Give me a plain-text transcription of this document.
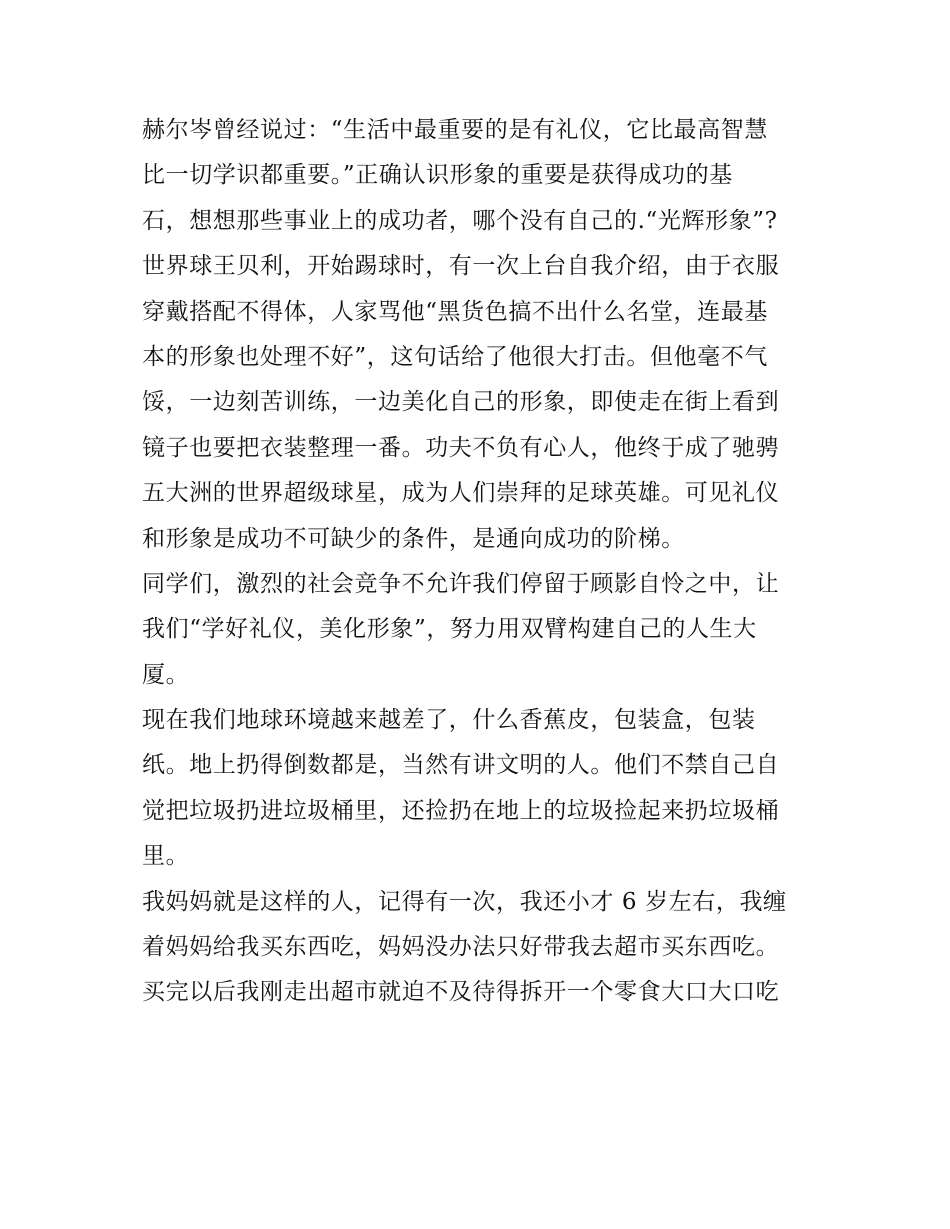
赫尔岑曾经说过：“生活中最重要的是有礼仪，它比最高智慧
比一切学识都重要。”正确认识形象的重要是获得成功的基
石，想想那些事业上的成功者，哪个没有自己的.“光辉形象”?
世界球王贝利，开始踢球时，有一次上台自我介绍，由于衣服
穿戴搭配不得体，人家骂他“黑货色搞不出什么名堂，连最基
本的形象也处理不好”，这句话给了他很大打击。但他毫不气
馁，一边刻苦训练，一边美化自己的形象，即使走在街上看到
镜子也要把衣装整理一番。功夫不负有心人，他终于成了驰骋
五大洲的世界超级球星，成为人们崇拜的足球英雄。可见礼仪
和形象是成功不可缺少的条件，是通向成功的阶梯。
同学们，激烈的社会竞争不允许我们停留于顾影自怜之中，让
我们“学好礼仪，美化形象”，努力用双臂构建自己的人生大
厦。
现在我们地球环境越来越差了，什么香蕉皮，包装盒，包装
纸。地上扔得倒数都是，当然有讲文明的人。他们不禁自己自
觉把垃圾扔进垃圾桶里，还捡扔在地上的垃圾捡起来扔垃圾桶
里。
我妈妈就是这样的人，记得有一次，我还小才 6 岁左右，我缠
着妈妈给我买东西吃，妈妈没办法只好带我去超市买东西吃。
买完以后我刚走出超市就迫不及待得拆开一个零食大口大口吃
